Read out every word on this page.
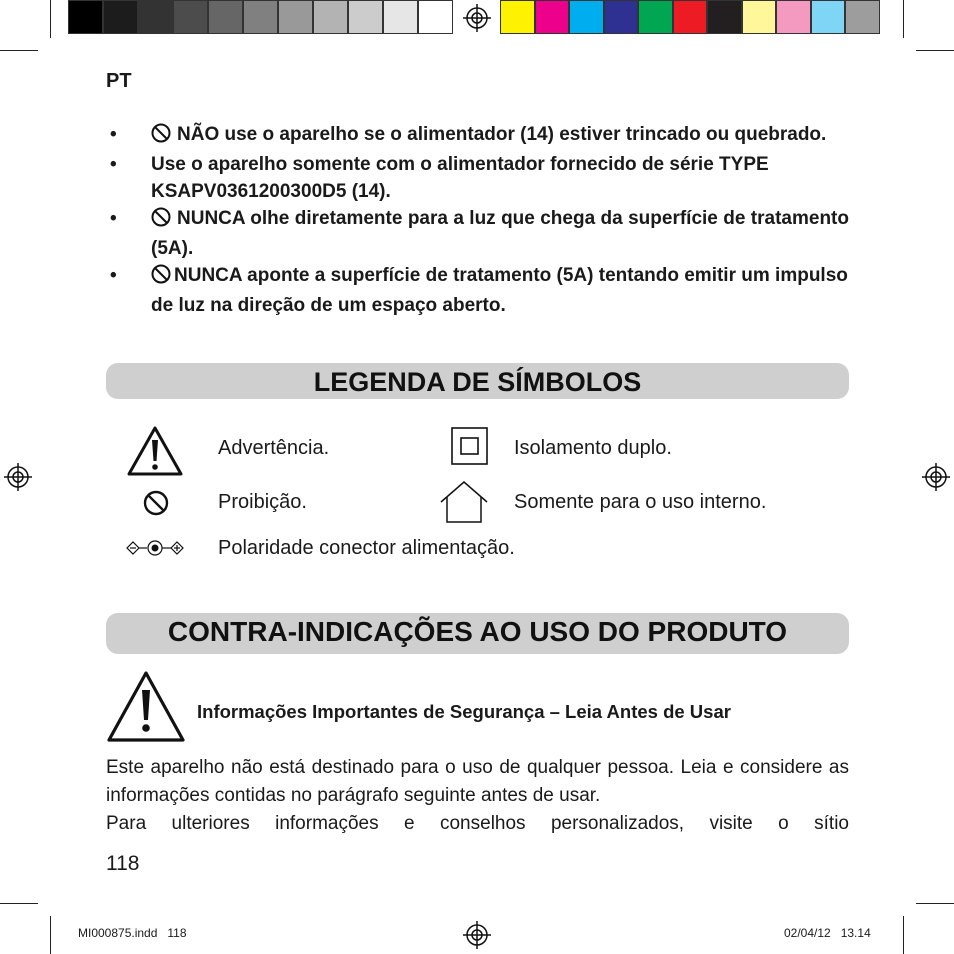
PT
•	NÃO use o aparelho se o alimentador (14) estiver trincado ou quebrado.
•	Use o aparelho somente com o alimentador fornecido de série TYPE KSAPV0361200300D5 (14).
•	NUNCA olhe diretamente para a luz que chega da superfície de tratamento (5A).
•	NUNCA aponte a superfície de tratamento (5A) tentando emitir um impulso de luz na direção de um espaço aberto.
LEGENDA DE SÍMBOLOS
Advertência.	Isolamento duplo.
Proibição.	Somente para o uso interno.
Polaridade conector alimentação.
CONTRA-INDICAÇÕES AO USO DO PRODUTO
Informações Importantes de Segurança – Leia Antes de Usar

Este aparelho não está destinado para o uso de qualquer pessoa. Leia e considere as informações contidas no parágrafo seguinte antes de usar.

Para ulteriores informações e conselhos personalizados, visite o sítio

118
MI000875.indd   118	02/04/12   13.14
